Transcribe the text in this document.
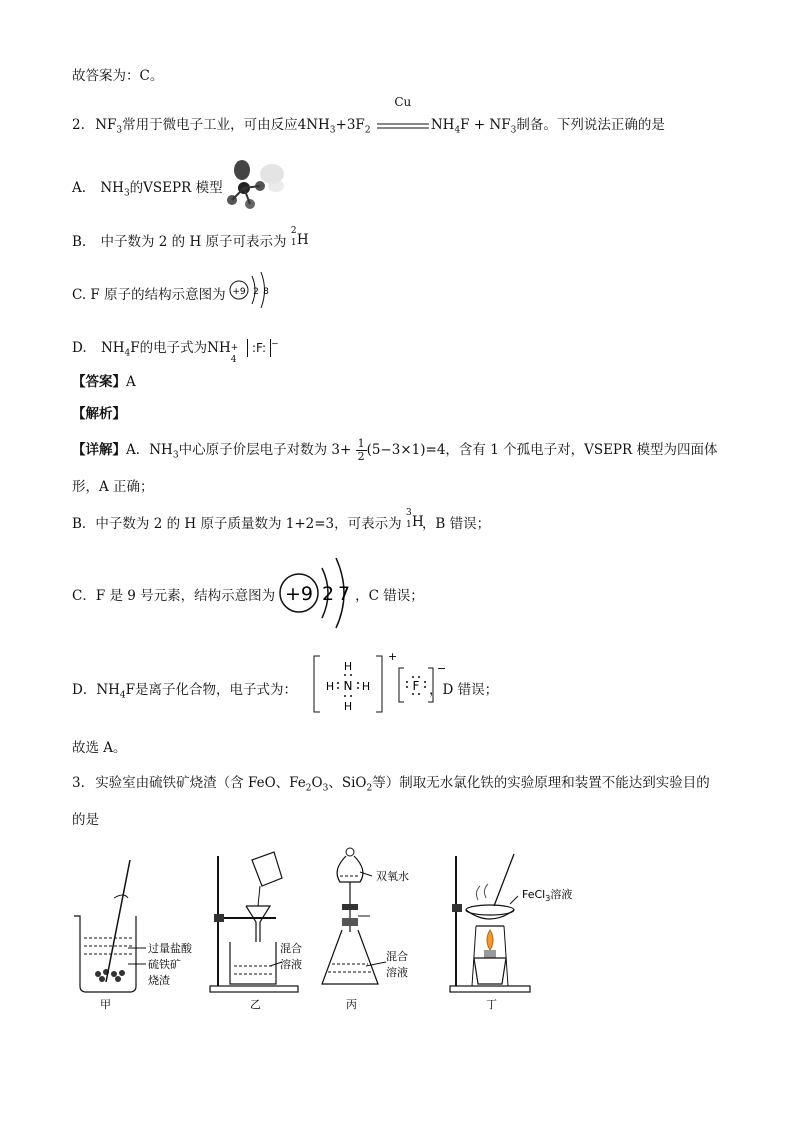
故答案为：C。
2. $NF_3$常用于微电子工业，可由反应$4NH_3+3F_2$
Cu
$NH_4F + NF_3$制备。下列说法正确的是
A. $NH_3$的VSEPR 模型
B. 中子数为 2 的 H 原子可表示为
2
1 H
C. F 原子的结构示意图为 +9 2 8
D. $NH_4F$的电子式为NH +
4
:F: −
【答案】A
【解析】
【详解】A．$NH_3$中心原子价层电子对数为 $3+ \frac{1}{2} (5-3\times 1)=4$，含有 1 个孤电子对，VSEPR 模型为四面体
形，A 正确；
B．中子数为 2 的 H 原子质量数为 1+2=3，可表示为
3
1 H
，B 错误；
C．F 是 9 号元素，结构示意图为	，C 错误；
+9 2 7
D．$NH_4F$是离子化合物，电子式为：	，D 错误；
+
N
H
H
H	H	F
−
故选 A。
3. 实验室由硫铁矿烧渣（含 FeO、$Fe_2O_3$、SiO$_2$等）制取无水氯化铁的实验原理和装置不能达到实验目的
的是
过量盐酸
硫铁矿
烧渣
甲
混合
溶液
乙
双氧水
混合
溶液
丙
FeCl$_3$溶液
丁
